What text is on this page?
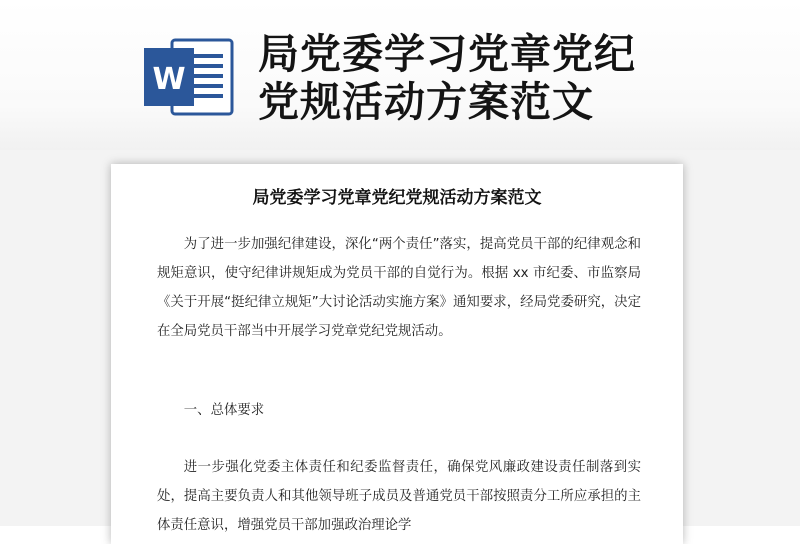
W
局党委学习党章党纪
党规活动方案范文
局党委学习党章党纪党规活动方案范文

为了进一步加强纪律建设，深化“两个责任”落实，提高党员干部的纪律观念和规矩意识，使守纪律讲规矩成为党员干部的自觉行为。根据 xx 市纪委、市监察局《关于开展“挺纪律立规矩”大讨论活动实施方案》通知要求，经局党委研究，决定在全局党员干部当中开展学习党章党纪党规活动。

一、总体要求

进一步强化党委主体责任和纪委监督责任，确保党风廉政建设责任制落到实处，提高主要负责人和其他领导班子成员及普通党员干部按照责分工所应承担的主体责任意识，增强党员干部加强政治理论学
